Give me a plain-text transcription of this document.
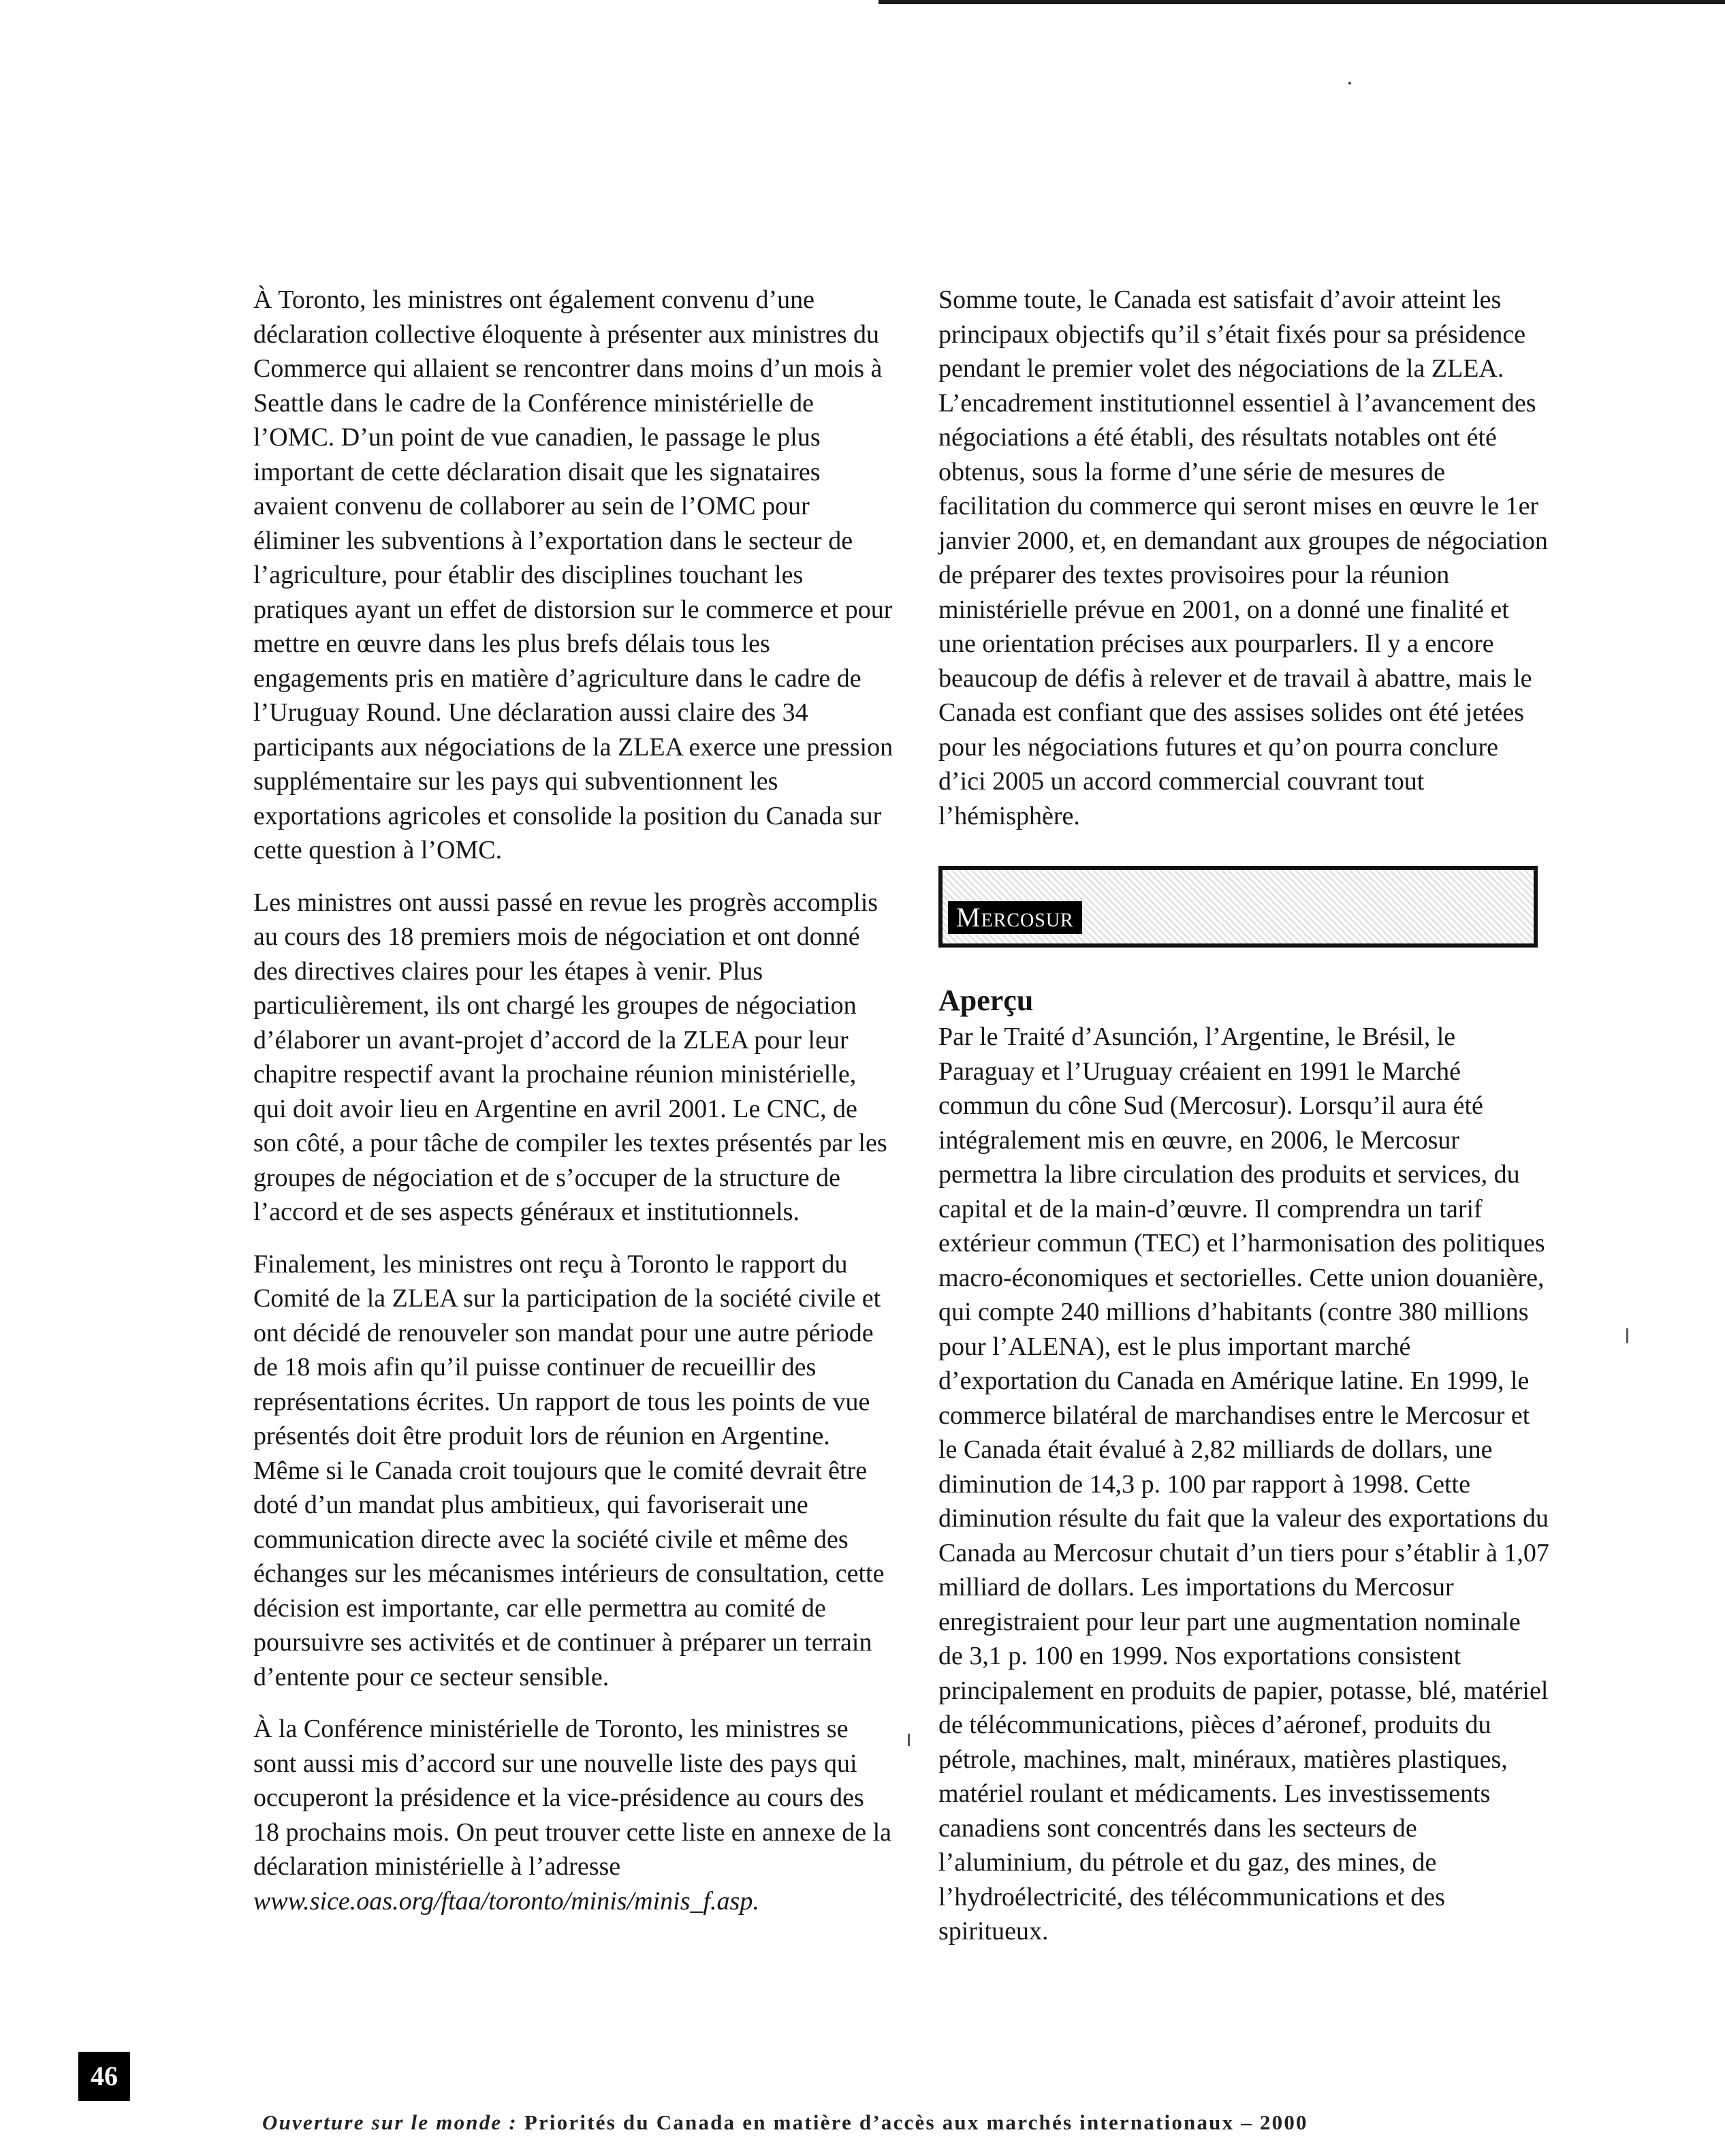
À Toronto, les ministres ont également convenu d’une déclaration collective éloquente à présenter aux ministres du Commerce qui allaient se rencontrer dans moins d’un mois à Seattle dans le cadre de la Conférence ministérielle de l’OMC. D’un point de vue canadien, le passage le plus important de cette déclaration disait que les signataires avaient convenu de collaborer au sein de l’OMC pour éliminer les subventions à l’exportation dans le secteur de l’agriculture, pour établir des disciplines touchant les pratiques ayant un effet de distorsion sur le commerce et pour mettre en œuvre dans les plus brefs délais tous les engagements pris en matière d’agriculture dans le cadre de l’Uruguay Round. Une déclaration aussi claire des 34 participants aux négociations de la ZLEA exerce une pression supplémentaire sur les pays qui subventionnent les exportations agricoles et consolide la position du Canada sur cette question à l’OMC.

Les ministres ont aussi passé en revue les progrès accomplis au cours des 18 premiers mois de négociation et ont donné des directives claires pour les étapes à venir. Plus particulièrement, ils ont chargé les groupes de négociation d’élaborer un avant-projet d’accord de la ZLEA pour leur chapitre respectif avant la prochaine réunion ministérielle, qui doit avoir lieu en Argentine en avril 2001. Le CNC, de son côté, a pour tâche de compiler les textes présentés par les groupes de négociation et de s’occuper de la structure de l’accord et de ses aspects généraux et institutionnels.

Finalement, les ministres ont reçu à Toronto le rapport du Comité de la ZLEA sur la participation de la société civile et ont décidé de renouveler son mandat pour une autre période de 18 mois afin qu’il puisse continuer de recueillir des représentations écrites. Un rapport de tous les points de vue présentés doit être produit lors de réunion en Argentine. Même si le Canada croit toujours que le comité devrait être doté d’un mandat plus ambitieux, qui favoriserait une communication directe avec la société civile et même des échanges sur les mécanismes intérieurs de consultation, cette décision est importante, car elle permettra au comité de poursuivre ses activités et de continuer à préparer un terrain d’entente pour ce secteur sensible.

À la Conférence ministérielle de Toronto, les ministres se sont aussi mis d’accord sur une nouvelle liste des pays qui occuperont la présidence et la vice-présidence au cours des 18 prochains mois. On peut trouver cette liste en annexe de la déclaration ministérielle à l’adresse www.sice.oas.org/ftaa/toronto/minis/minis_f.asp.

Somme toute, le Canada est satisfait d’avoir atteint les principaux objectifs qu’il s’était fixés pour sa présidence pendant le premier volet des négociations de la ZLEA. L’encadrement institutionnel essentiel à l’avancement des négociations a été établi, des résultats notables ont été obtenus, sous la forme d’une série de mesures de facilitation du commerce qui seront mises en œuvre le 1er janvier 2000, et, en demandant aux groupes de négociation de préparer des textes provisoires pour la réunion ministérielle prévue en 2001, on a donné une finalité et une orientation précises aux pourparlers. Il y a encore beaucoup de défis à relever et de travail à abattre, mais le Canada est confiant que des assises solides ont été jetées pour les négociations futures et qu’on pourra conclure d’ici 2005 un accord commercial couvrant tout l’hémisphère.

Mercosur
Aperçu

Par le Traité d’Asunción, l’Argentine, le Brésil, le Paraguay et l’Uruguay créaient en 1991 le Marché commun du cône Sud (Mercosur). Lorsqu’il aura été intégralement mis en œuvre, en 2006, le Mercosur permettra la libre circulation des produits et services, du capital et de la main-d’œuvre. Il comprendra un tarif extérieur commun (TEC) et l’harmonisation des politiques macro-économiques et sectorielles. Cette union douanière, qui compte 240 millions d’habitants (contre 380 millions pour l’ALENA), est le plus important marché d’exportation du Canada en Amérique latine. En 1999, le commerce bilatéral de marchandises entre le Mercosur et le Canada était évalué à 2,82 milliards de dollars, une diminution de 14,3 p. 100 par rapport à 1998. Cette diminution résulte du fait que la valeur des exportations du Canada au Mercosur chutait d’un tiers pour s’établir à 1,07 milliard de dollars. Les importations du Mercosur enregistraient pour leur part une augmentation nominale de 3,1 p. 100 en 1999. Nos exportations consistent principalement en produits de papier, potasse, blé, matériel de télécommunications, pièces d’aéronef, produits du pétrole, machines, malt, minéraux, matières plastiques, matériel roulant et médicaments. Les investissements canadiens sont concentrés dans les secteurs de l’aluminium, du pétrole et du gaz, des mines, de l’hydroélectricité, des télécommunications et des spiritueux.

46
Ouverture sur le monde : Priorités du Canada en matière d’accès aux marchés internationaux – 2000
